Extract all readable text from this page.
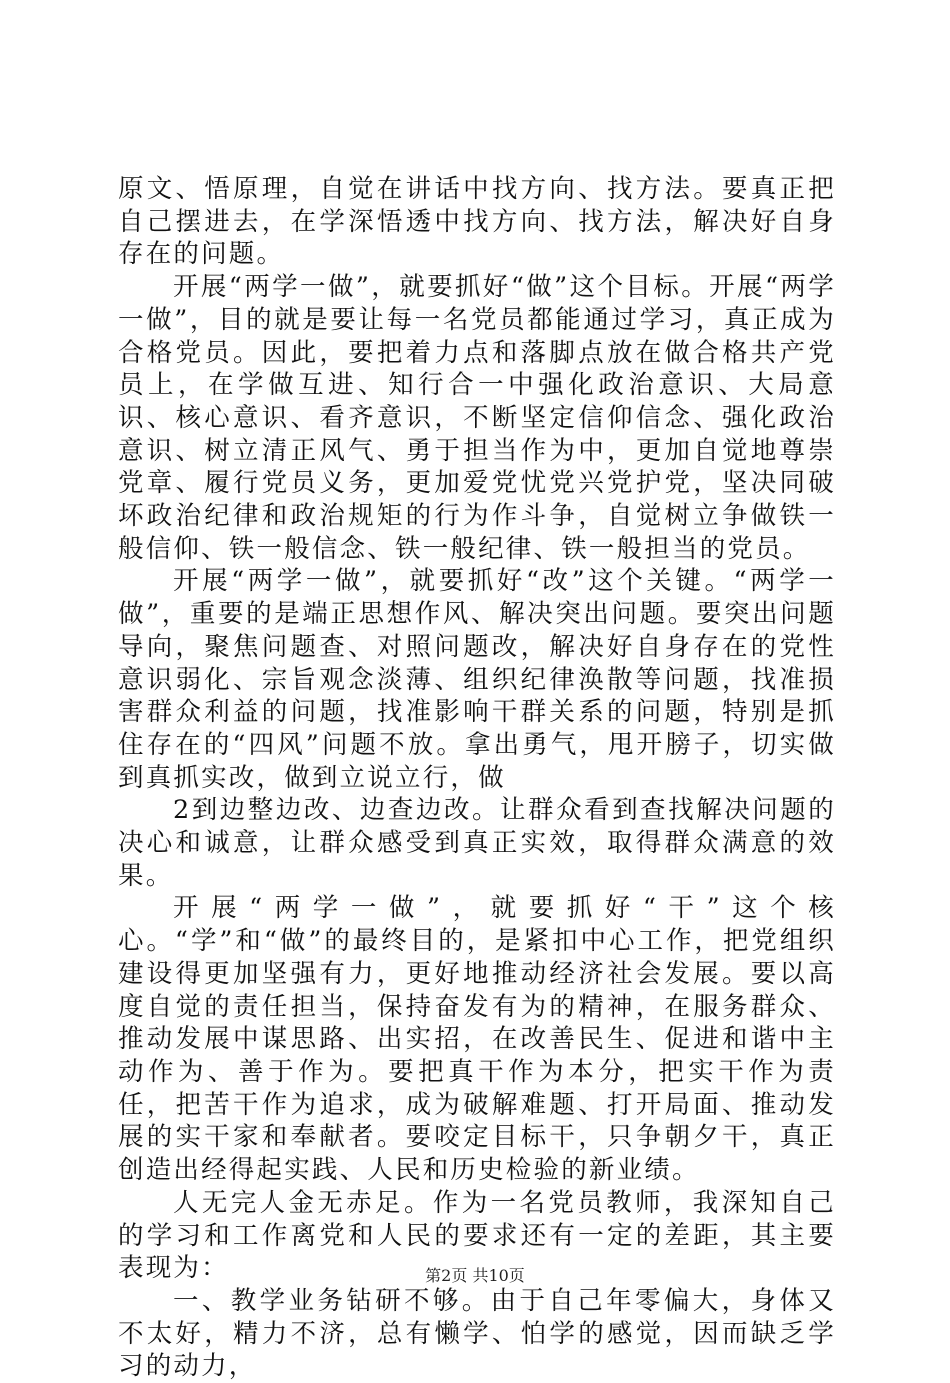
原文、悟原理，自觉在讲话中找方向、找方法。要真正把自己摆进去，在学深悟透中找方向、找方法，解决好自身存在的问题。

开展“两学一做”，就要抓好“做”这个目标。开展“两学一做”，目的就是要让每一名党员都能通过学习，真正成为合格党员。因此，要把着力点和落脚点放在做合格共产党员上，在学做互进、知行合一中强化政治意识、大局意识、核心意识、看齐意识，不断坚定信仰信念、强化政治意识、树立清正风气、勇于担当作为中，更加自觉地尊崇党章、履行党员义务，更加爱党忧党兴党护党，坚决同破坏政治纪律和政治规矩的行为作斗争，自觉树立争做铁一般信仰、铁一般信念、铁一般纪律、铁一般担当的党员。

开展“两学一做”，就要抓好“改”这个关键。“两学一做”，重要的是端正思想作风、解决突出问题。要突出问题导向，聚焦问题查、对照问题改，解决好自身存在的党性意识弱化、宗旨观念淡薄、组织纪律涣散等问题，找准损害群众利益的问题，找准影响干群关系的问题，特别是抓住存在的“四风”问题不放。拿出勇气，甩开膀子，切实做到真抓实改，做到立说立行，做

2到边整边改、边查边改。让群众看到查找解决问题的决心和诚意，让群众感受到真正实效，取得群众满意的效果。

开展“两学一做”，就要抓好“干”这个核心。“学”和“做”的最终目的，是紧扣中心工作，把党组织建设得更加坚强有力，更好地推动经济社会发展。要以高度自觉的责任担当，保持奋发有为的精神，在服务群众、推动发展中谋思路、出实招，在改善民生、促进和谐中主动作为、善于作为。要把真干作为本分，把实干作为责任，把苦干作为追求，成为破解难题、打开局面、推动发展的实干家和奉献者。要咬定目标干，只争朝夕干，真正创造出经得起实践、人民和历史检验的新业绩。

人无完人金无赤足。作为一名党员教师，我深知自己的学习和工作离党和人民的要求还有一定的差距，其主要表现为：

一、教学业务钻研不够。由于自己年零偏大，身体又不太好，精力不济，总有懒学、怕学的感觉，因而缺乏学习的动力，

第2页 共10页
